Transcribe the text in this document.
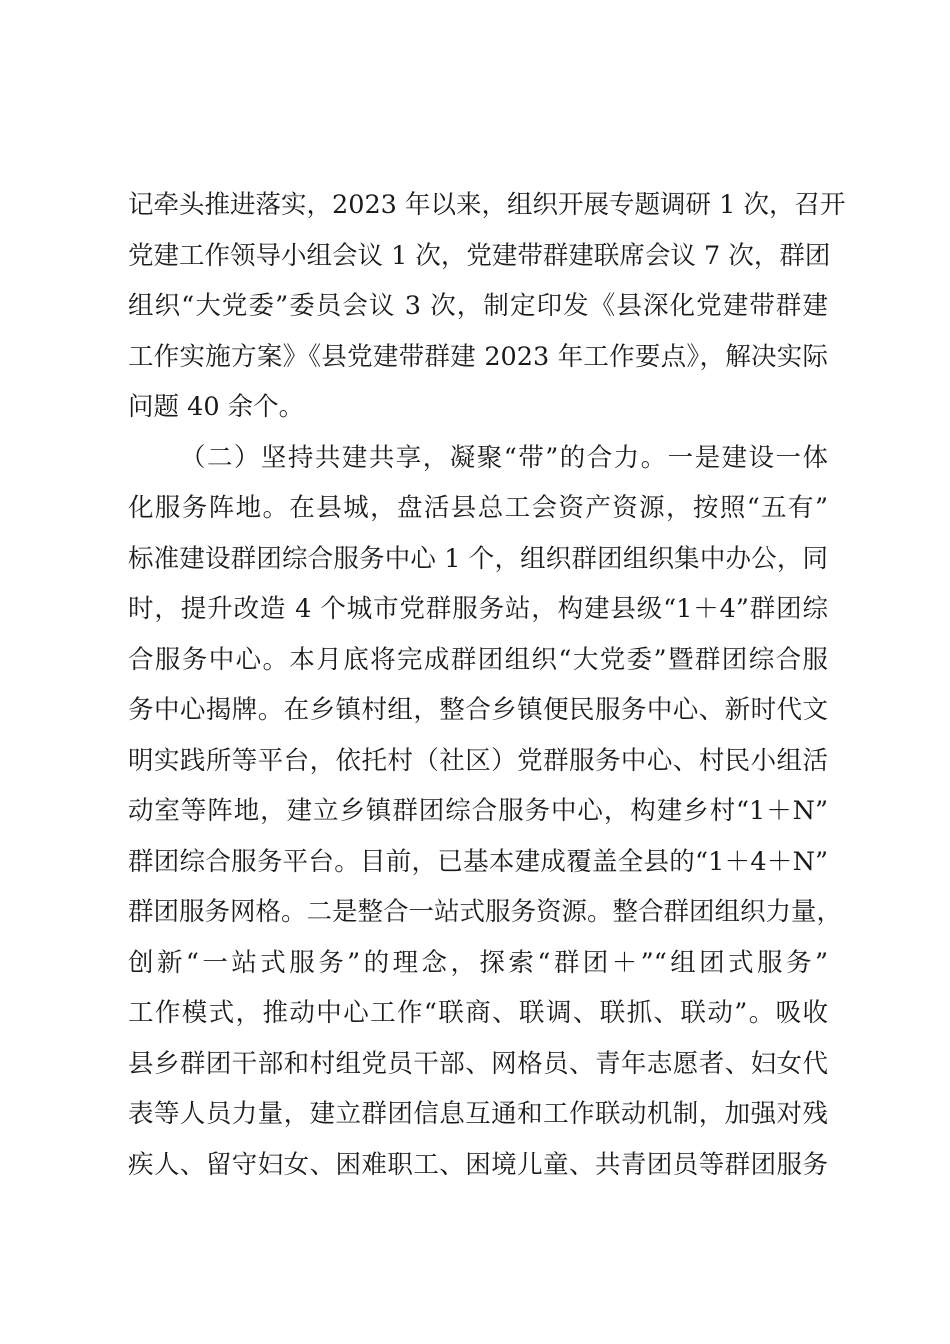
记牵头推进落实，2023 年以来，组织开展专题调研 1 次，召开
党建工作领导小组会议 1 次，党建带群建联席会议 7 次，群团
组织“大党委”委员会议 3 次，制定印发《县深化党建带群建
工作实施方案》《县党建带群建 2023 年工作要点》，解决实际
问题 40 余个。
（二）坚持共建共享，凝聚“带”的合力。一是建设一体
化服务阵地。在县城，盘活县总工会资产资源，按照“五有”
标准建设群团综合服务中心 1 个，组织群团组织集中办公，同
时，提升改造 4 个城市党群服务站，构建县级“1＋4”群团综
合服务中心。本月底将完成群团组织“大党委”暨群团综合服
务中心揭牌。在乡镇村组，整合乡镇便民服务中心、新时代文
明实践所等平台，依托村（社区）党群服务中心、村民小组活
动室等阵地，建立乡镇群团综合服务中心，构建乡村“1＋N”
群团综合服务平台。目前，已基本建成覆盖全县的“1＋4＋N”
群团服务网格。二是整合一站式服务资源。整合群团组织力量，
创新“一站式服务”的理念，探索“群团＋”“组团式服务”
工作模式，推动中心工作“联商、联调、联抓、联动”。吸收
县乡群团干部和村组党员干部、网格员、青年志愿者、妇女代
表等人员力量，建立群团信息互通和工作联动机制，加强对残
疾人、留守妇女、困难职工、困境儿童、共青团员等群团服务
